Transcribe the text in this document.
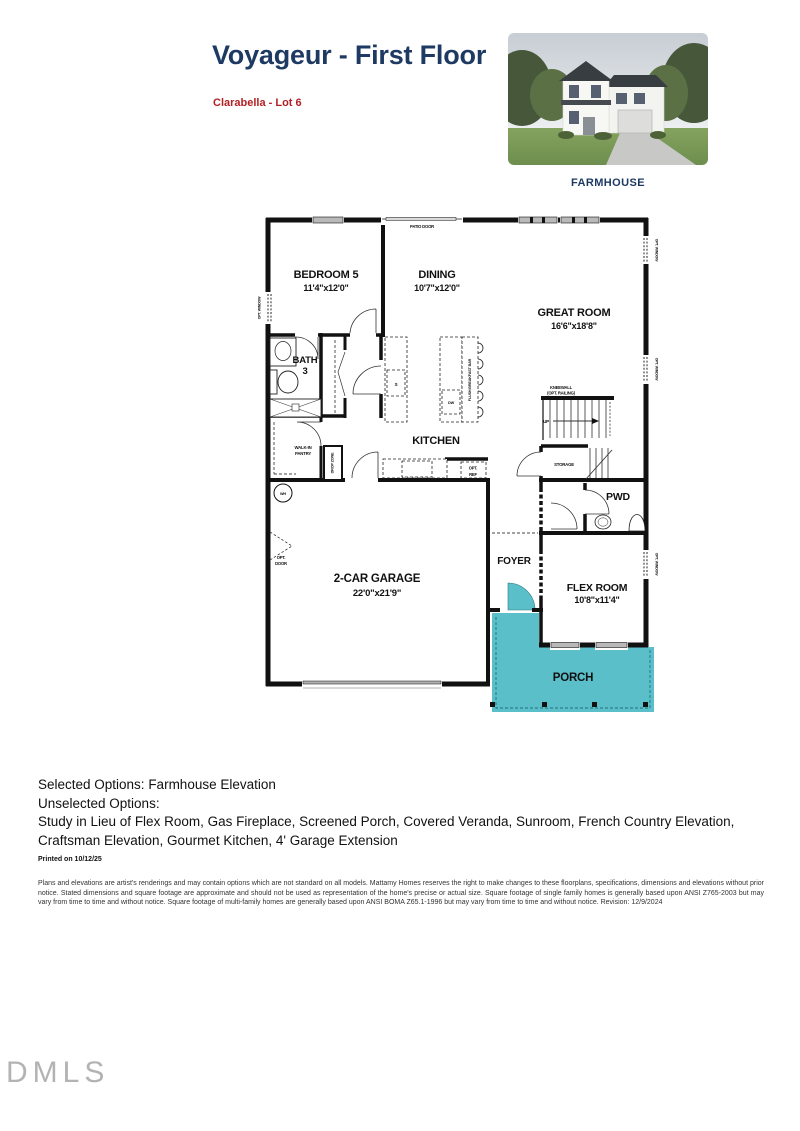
Voyageur - First Floor
Clarabella - Lot 6
FARMHOUSE
BEDROOM 5
11'4"x12'0"
DINING
10'7"x12'0"
GREAT ROOM
16'6"x18'8"
BATH
3
KITCHEN
2-CAR GARAGE
22'0"x21'9"
FOYER
FLEX ROOM
10'8"x11'4"
PWD
PORCH
STORAGE
PATIO DOOR
KNEEWALL
(OPT. RAILING)
UP
WALK-IN
PANTRY	DROP ZONE
WH
OPT.
DOOR
OPT.
REF
S
DW
FLUSH BREAKFAST BAR
OPT. WINDOW
OPT. WINDOW
OPT. WINDOW
OPT. WINDOW
Selected Options: Farmhouse Elevation
Unselected Options:
Study in Lieu of Flex Room, Gas Fireplace, Screened Porch, Covered Veranda, Sunroom, French Country Elevation, Craftsman Elevation, Gourmet Kitchen, 4' Garage Extension
Printed on 10/12/25
Plans and elevations are artist's renderings and may contain options which are not standard on all models. Mattamy Homes reserves the right to make changes to these floorplans, specifications, dimensions and elevations without prior notice. Stated dimensions and square footage are approximate and should not be used as representation of the home's precise or actual size. Square footage of single family homes is generally based upon ANSI Z765-2003 but may vary from time to time and without notice. Square footage of multi-family homes are generally based upon ANSI BOMA Z65.1-1996 but may vary from time to time and without notice. Revision: 12/9/2024
DMLS
